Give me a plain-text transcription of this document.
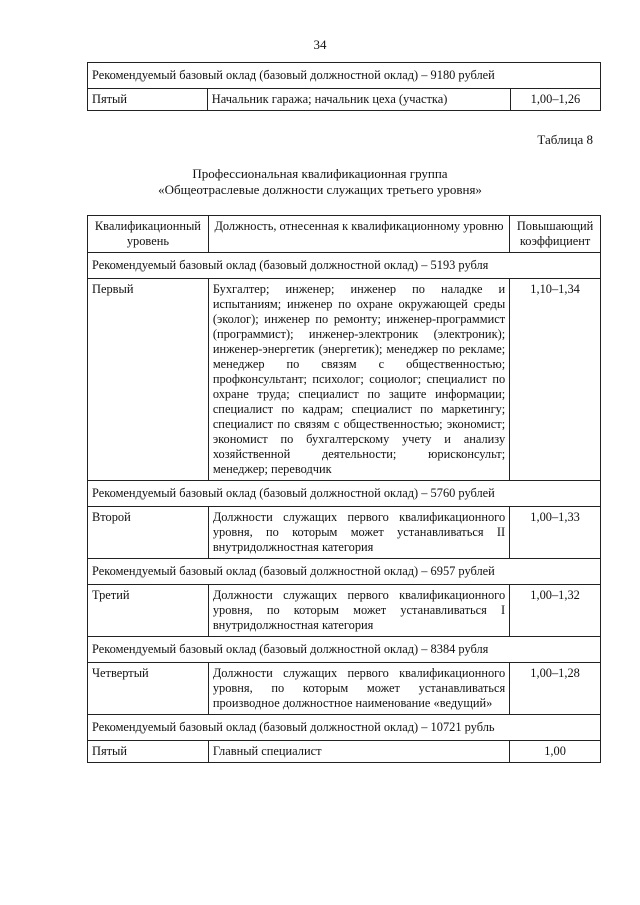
34
Рекомендуемый базовый оклад (базовый должностной оклад) – 9180 рублей
Пятый	Начальник гаража; начальник цеха (участка)	1,00–1,26
Таблица 8
Профессиональная квалификационная группа
«Общеотраслевые должности служащих третьего уровня»
Квалификационный уровень	Должность, отнесенная к квалификационному уровню	Повышающий коэффициент
Рекомендуемый базовый оклад (базовый должностной оклад) – 5193 рубля		
Первый	Бухгалтер; инженер; инженер по наладке и испытаниям; инженер по охране окружающей среды (эколог); инженер по ремонту; инженер-программист (программист); инженер-электроник (электроник); инженер-энергетик (энергетик); менеджер по рекламе; менеджер по связям с общественностью; профконсультант; психолог; социолог; специалист по охране труда; специалист по защите информации; специалист по кадрам; специалист по маркетингу; специалист по связям с общественностью; экономист; экономист по бухгалтерскому учету и анализу хозяйственной деятельности; юрисконсульт; менеджер; переводчик	1,10–1,34
Рекомендуемый базовый оклад (базовый должностной оклад) – 5760 рублей		
Второй	Должности служащих первого квалификационного уровня, по которым может устанавливаться II внутридолжностная категория	1,00–1,33
Рекомендуемый базовый оклад (базовый должностной оклад) – 6957 рублей		
Третий	Должности служащих первого квалификационного уровня, по которым может устанавливаться I внутридолжностная категория	1,00–1,32
Рекомендуемый базовый оклад (базовый должностной оклад) – 8384 рубля		
Четвертый	Должности служащих первого квалификационного уровня, по которым может устанавливаться производное должностное наименование «ведущий»	1,00–1,28
Рекомендуемый базовый оклад (базовый должностной оклад) – 10721 рубль		
Пятый	Главный специалист	1,00
